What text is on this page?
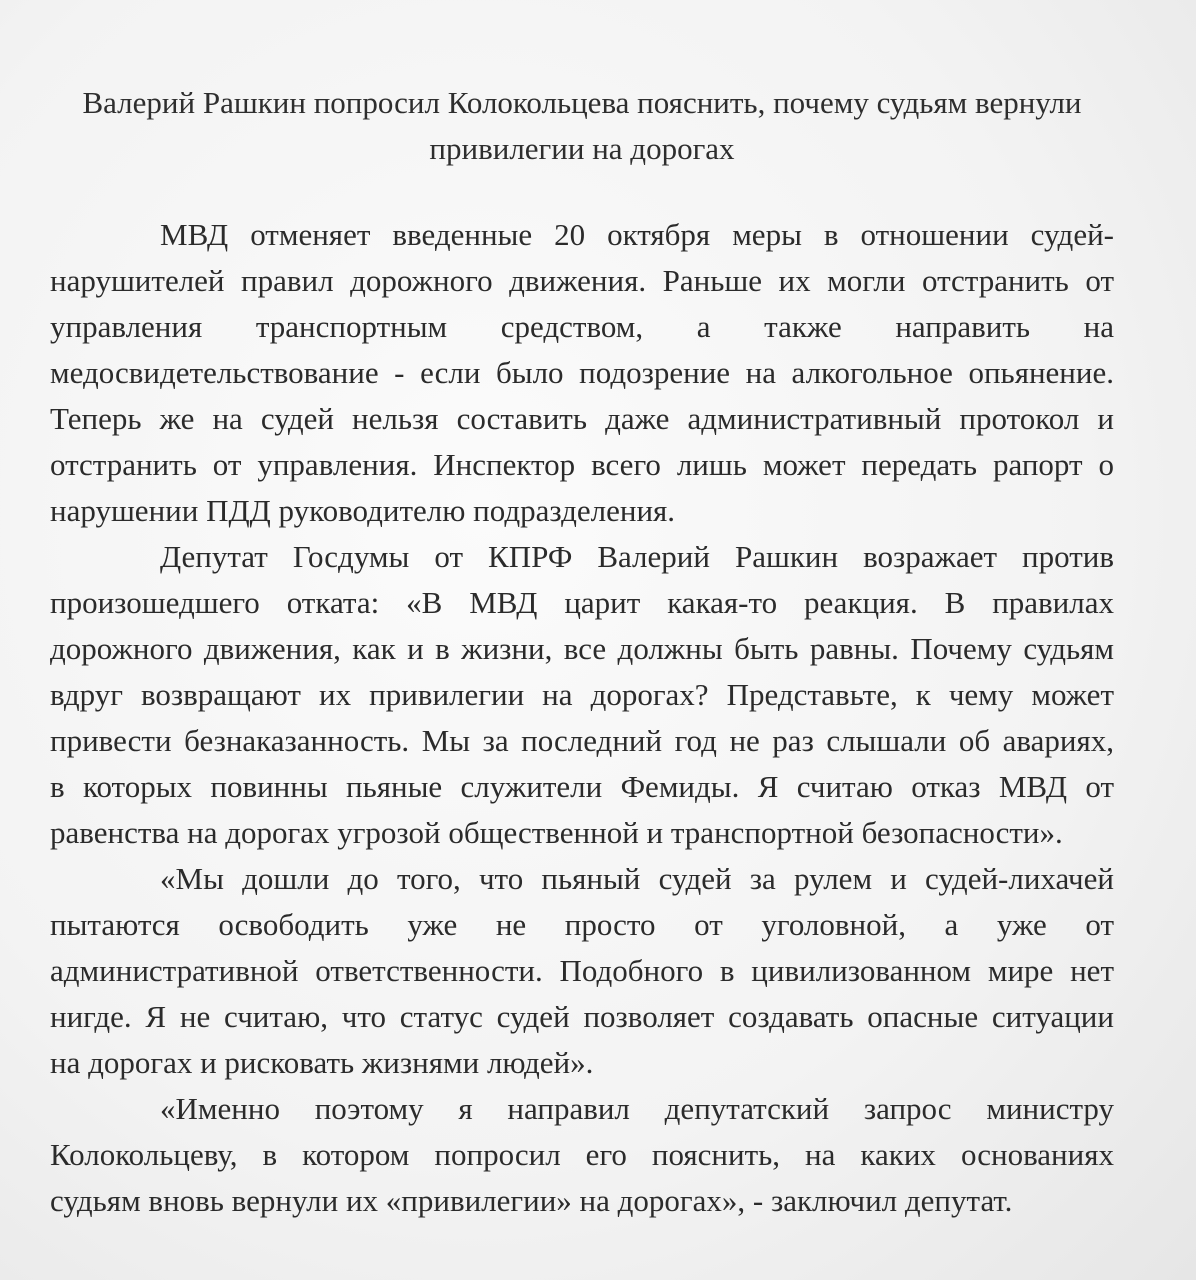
Валерий Рашкин попросил Колокольцева пояснить, почему судьям вернули
привилегии на дорогах

МВД отменяет введенные 20 октября меры в отношении судей-
нарушителей правил дорожного движения. Раньше их могли отстранить от
управления транспортным средством, а также направить на
медосвидетельствование - если было подозрение на алкогольное опьянение.
Теперь же на судей нельзя составить даже административный протокол и
отстранить от управления. Инспектор всего лишь может передать рапорт о
нарушении ПДД руководителю подразделения.

Депутат Госдумы от КПРФ Валерий Рашкин возражает против
произошедшего отката: «В МВД царит какая-то реакция. В правилах
дорожного движения, как и в жизни, все должны быть равны. Почему судьям
вдруг возвращают их привилегии на дорогах? Представьте, к чему может
привести безнаказанность. Мы за последний год не раз слышали об авариях,
в которых повинны пьяные служители Фемиды. Я считаю отказ МВД от
равенства на дорогах угрозой общественной и транспортной безопасности».

«Мы дошли до того, что пьяный судей за рулем и судей-лихачей
пытаются освободить уже не просто от уголовной, а уже от
административной ответственности. Подобного в цивилизованном мире нет
нигде. Я не считаю, что статус судей позволяет создавать опасные ситуации
на дорогах и рисковать жизнями людей».

«Именно поэтому я направил депутатский запрос министру
Колокольцеву, в котором попросил его пояснить, на каких основаниях
судьям вновь вернули их «привилегии» на дорогах», - заключил депутат.
